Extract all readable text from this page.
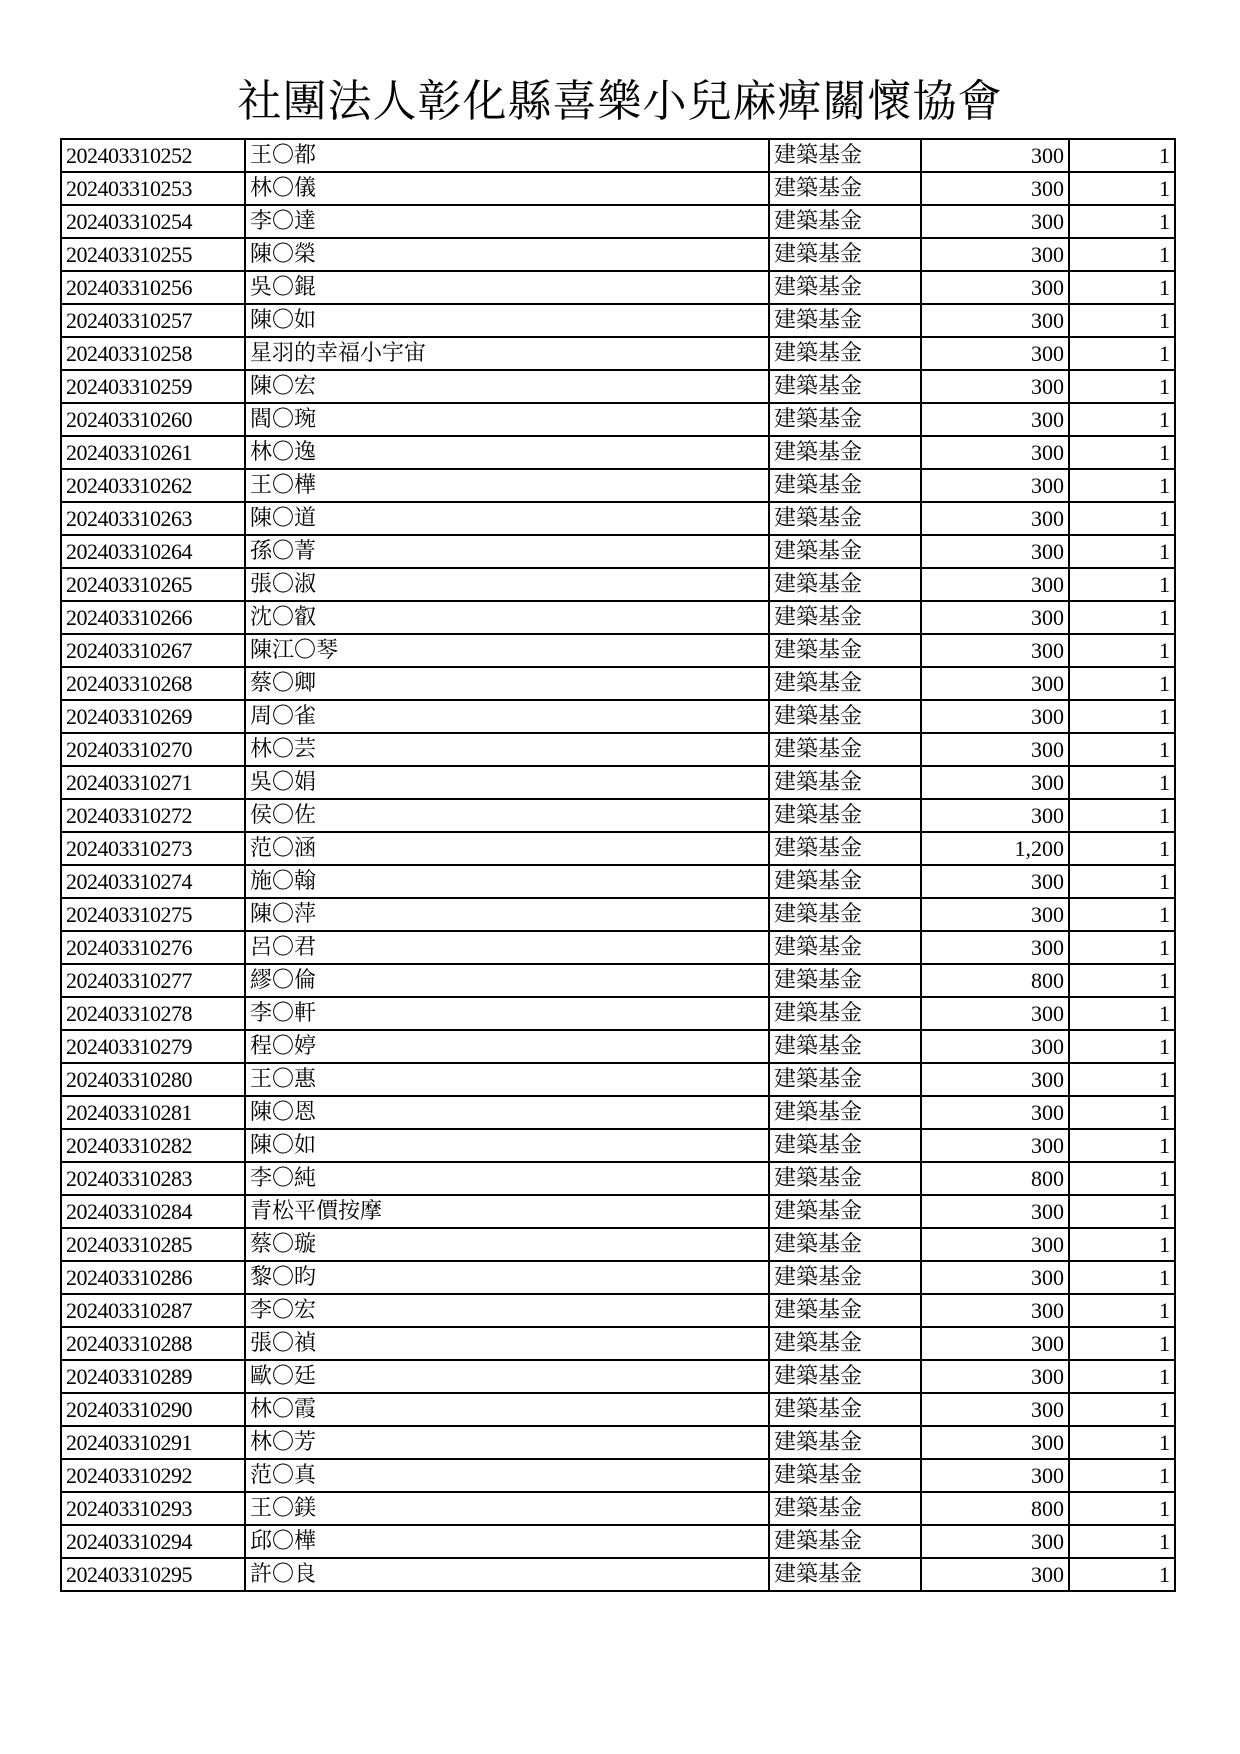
社團法人彰化縣喜樂小兒麻痺關懷協會
202403310252	王〇都	建築基金	300	1
202403310253	林〇儀	建築基金	300	1
202403310254	李〇達	建築基金	300	1
202403310255	陳〇榮	建築基金	300	1
202403310256	吳〇錕	建築基金	300	1
202403310257	陳〇如	建築基金	300	1
202403310258	星羽的幸福小宇宙	建築基金	300	1
202403310259	陳〇宏	建築基金	300	1
202403310260	閻〇琬	建築基金	300	1
202403310261	林〇逸	建築基金	300	1
202403310262	王〇樺	建築基金	300	1
202403310263	陳〇道	建築基金	300	1
202403310264	孫〇菁	建築基金	300	1
202403310265	張〇淑	建築基金	300	1
202403310266	沈〇叡	建築基金	300	1
202403310267	陳江〇琴	建築基金	300	1
202403310268	蔡〇卿	建築基金	300	1
202403310269	周〇雀	建築基金	300	1
202403310270	林〇芸	建築基金	300	1
202403310271	吳〇娟	建築基金	300	1
202403310272	侯〇佐	建築基金	300	1
202403310273	范〇涵	建築基金	1,200	1
202403310274	施〇翰	建築基金	300	1
202403310275	陳〇萍	建築基金	300	1
202403310276	呂〇君	建築基金	300	1
202403310277	繆〇倫	建築基金	800	1
202403310278	李〇軒	建築基金	300	1
202403310279	程〇婷	建築基金	300	1
202403310280	王〇惠	建築基金	300	1
202403310281	陳〇恩	建築基金	300	1
202403310282	陳〇如	建築基金	300	1
202403310283	李〇純	建築基金	800	1
202403310284	青松平價按摩	建築基金	300	1
202403310285	蔡〇璇	建築基金	300	1
202403310286	黎〇昀	建築基金	300	1
202403310287	李〇宏	建築基金	300	1
202403310288	張〇禎	建築基金	300	1
202403310289	歐〇廷	建築基金	300	1
202403310290	林〇霞	建築基金	300	1
202403310291	林〇芳	建築基金	300	1
202403310292	范〇真	建築基金	300	1
202403310293	王〇鎂	建築基金	800	1
202403310294	邱〇樺	建築基金	300	1
202403310295	許〇良	建築基金	300	1
